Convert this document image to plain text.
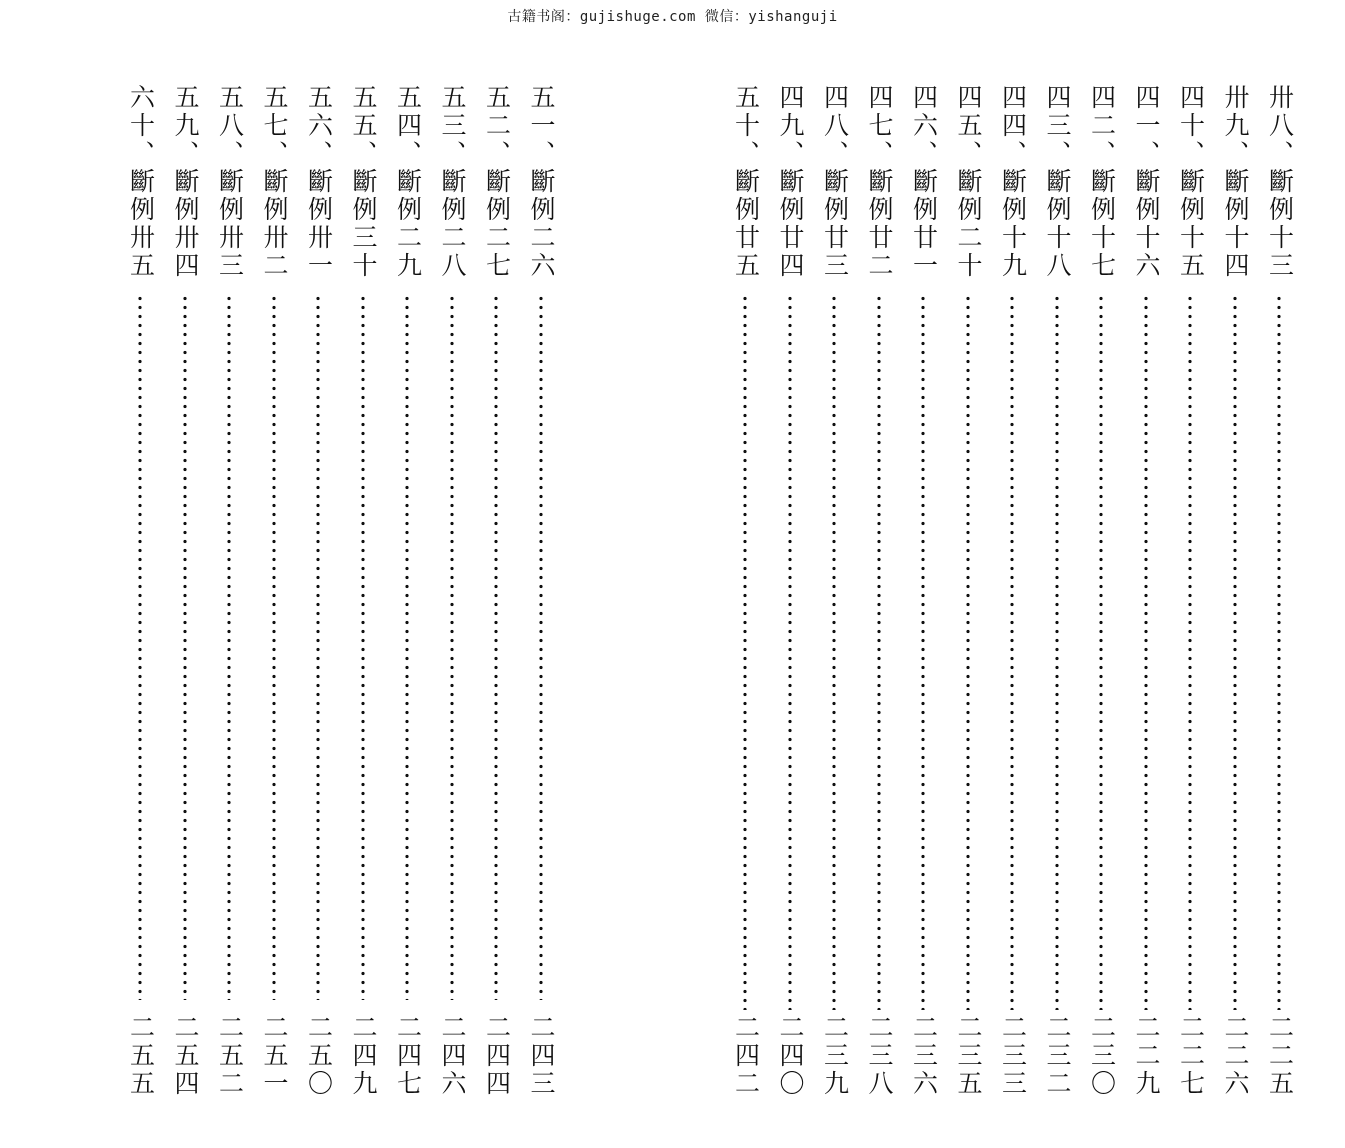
古籍书阁：gujishuge.com 微信：yishanguji
五一、斷例二六
二四三
五二、斷例二七
二四四
五三、斷例二八
二四六
五四、斷例二九
二四七
五五、斷例三十
二四九
五六、斷例卅一
二五〇
五七、斷例卅二
二五一
五八、斷例卅三
二五二
五九、斷例卅四
二五四
六十、斷例卅五
二五五
卅八、斷例十三
二二五
卅九、斷例十四
二二六
四十、斷例十五
二二七
四一、斷例十六
二二九
四二、斷例十七
二三〇
四三、斷例十八
二三二
四四、斷例十九
二三三
四五、斷例二十
二三五
四六、斷例廿一
二三六
四七、斷例廿二
二三八
四八、斷例廿三
二三九
四九、斷例廿四
二四〇
五十、斷例廿五
二四二
